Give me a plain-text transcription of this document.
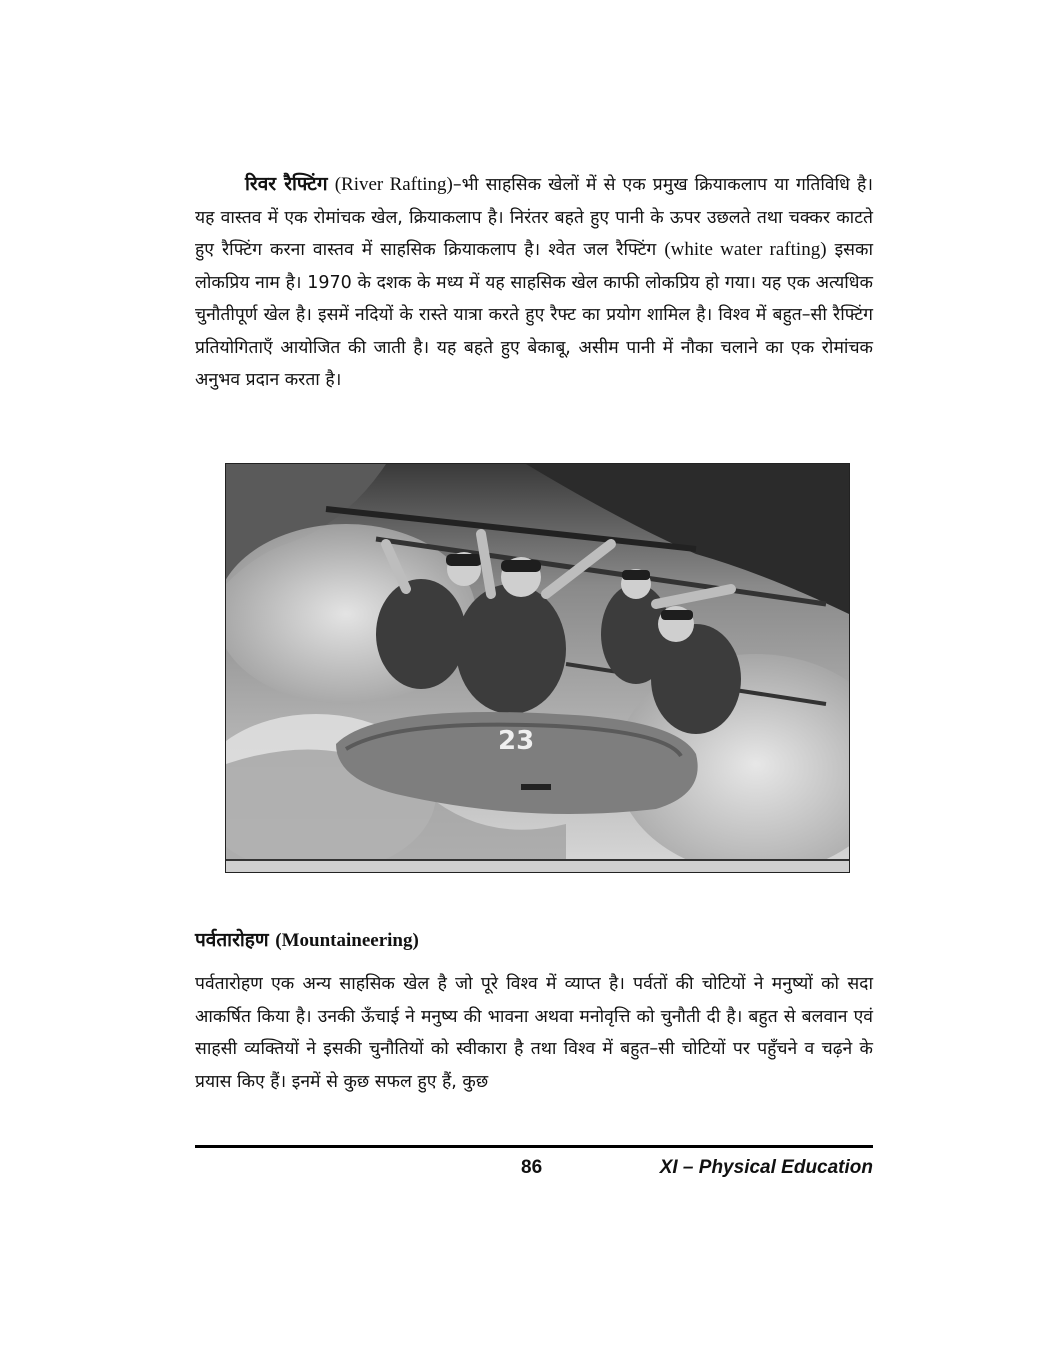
रिवर रैफ्टिंग (River Rafting)–भी साहसिक खेलों में से एक प्रमुख क्रियाकलाप या गतिविधि है। यह वास्तव में एक रोमांचक खेल, क्रियाकलाप है। निरंतर बहते हुए पानी के ऊपर उछलते तथा चक्कर काटते हुए रैफ्टिंग करना वास्तव में साहसिक क्रियाकलाप है। श्वेत जल रैफ्टिंग (white water rafting) इसका लोकप्रिय नाम है। 1970 के दशक के मध्य में यह साहसिक खेल काफी लोकप्रिय हो गया। यह एक अत्यधिक चुनौतीपूर्ण खेल है। इसमें नदियों के रास्ते यात्रा करते हुए रैफ्ट का प्रयोग शामिल है। विश्व में बहुत–सी रैफ्टिंग प्रतियोगिताएँ आयोजित की जाती है। यह बहते हुए बेकाबू, असीम पानी में नौका चलाने का एक रोमांचक अनुभव प्रदान करता है।

23
पर्वतारोहण (Mountaineering)

पर्वतारोहण एक अन्य साहसिक खेल है जो पूरे विश्व में व्याप्त है। पर्वतों की चोटियों ने मनुष्यों को सदा आकर्षित किया है। उनकी ऊँचाई ने मनुष्य की भावना अथवा मनोवृत्ति को चुनौती दी है। बहुत से बलवान एवं साहसी व्यक्तियों ने इसकी चुनौतियों को स्वीकारा है तथा विश्व में बहुत–सी चोटियों पर पहुँचने व चढ़ने के प्रयास किए हैं। इनमें से कुछ सफल हुए हैं, कुछ

86	XI – Physical Education
